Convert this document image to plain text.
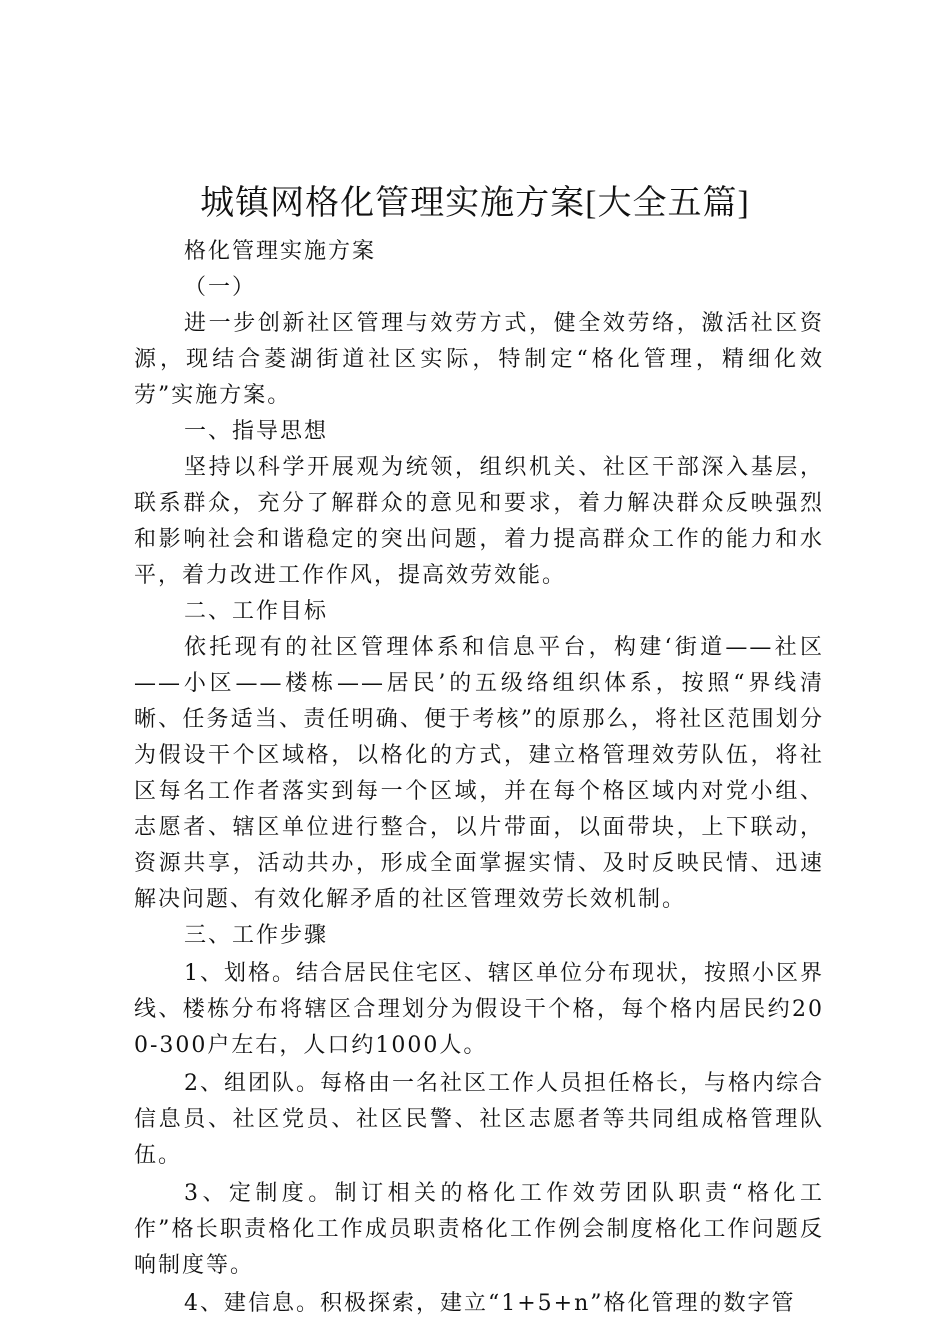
城镇网格化管理实施方案[大全五篇]

格化管理实施方案

（一）

进一步创新社区管理与效劳方式，健全效劳络，激活社区资源，现结合菱湖街道社区实际，特制定“格化管理，精细化效劳”实施方案。

一、指导思想

坚持以科学开展观为统领，组织机关、社区干部深入基层，联系群众，充分了解群众的意见和要求，着力解决群众反映强烈和影响社会和谐稳定的突出问题，着力提高群众工作的能力和水平，着力改进工作作风，提高效劳效能。

二、工作目标

依托现有的社区管理体系和信息平台，构建‘街道——社区——小区——楼栋——居民’的五级络组织体系，按照“界线清晰、任务适当、责任明确、便于考核”的原那么，将社区范围划分为假设干个区域格，以格化的方式，建立格管理效劳队伍，将社区每名工作者落实到每一个区域，并在每个格区域内对党小组、志愿者、辖区单位进行整合，以片带面，以面带块，上下联动，资源共享，活动共办，形成全面掌握实情、及时反映民情、迅速解决问题、有效化解矛盾的社区管理效劳长效机制。

三、工作步骤

1、划格。结合居民住宅区、辖区单位分布现状，按照小区界线、楼栋分布将辖区合理划分为假设干个格，每个格内居民约200-300户左右，人口约1000人。

2、组团队。每格由一名社区工作人员担任格长，与格内综合信息员、社区党员、社区民警、社区志愿者等共同组成格管理队伍。

3、定制度。制订相关的格化工作效劳团队职责“格化工作”格长职责格化工作成员职责格化工作例会制度格化工作问题反响制度等。

4、建信息。积极探索，建立“1+5+n”格化管理的数字管
